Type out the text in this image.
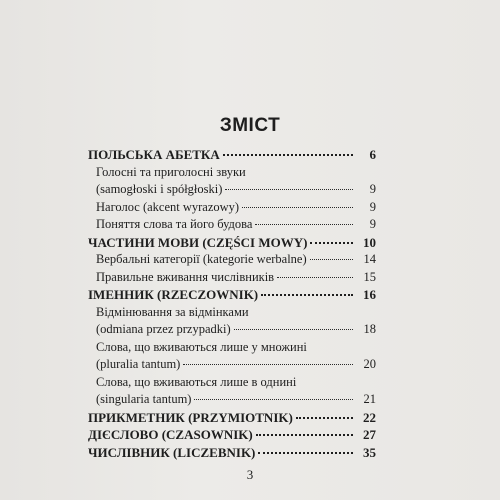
ЗМІСТ
ПОЛЬСЬКА АБЕТКА	6
Голосні та приголосні звуки
(samogłoski i spółgłoski)	9
Наголос (akcent wyrazowy)	9
Поняття слова та його будова	9
ЧАСТИНИ МОВИ (CZĘŚCI MOWY)	10
Вербальні категорії (kategorie werbalne)	14
Правильне вживання числівників	15
ІМЕННИК (RZECZOWNIK)	16
Відмінювання за відмінками
(odmiana przez przypadki)	18
Слова, що вживаються лише у множині
(pluralia tantum)	20
Слова, що вживаються лише в однині
(singularia tantum)	21
ПРИКМЕТНИК (PRZYMIOTNIK)	22
ДІЄСЛОВО (CZASOWNIK)	27
ЧИСЛІВНИК (LICZEBNIK)	35
3
